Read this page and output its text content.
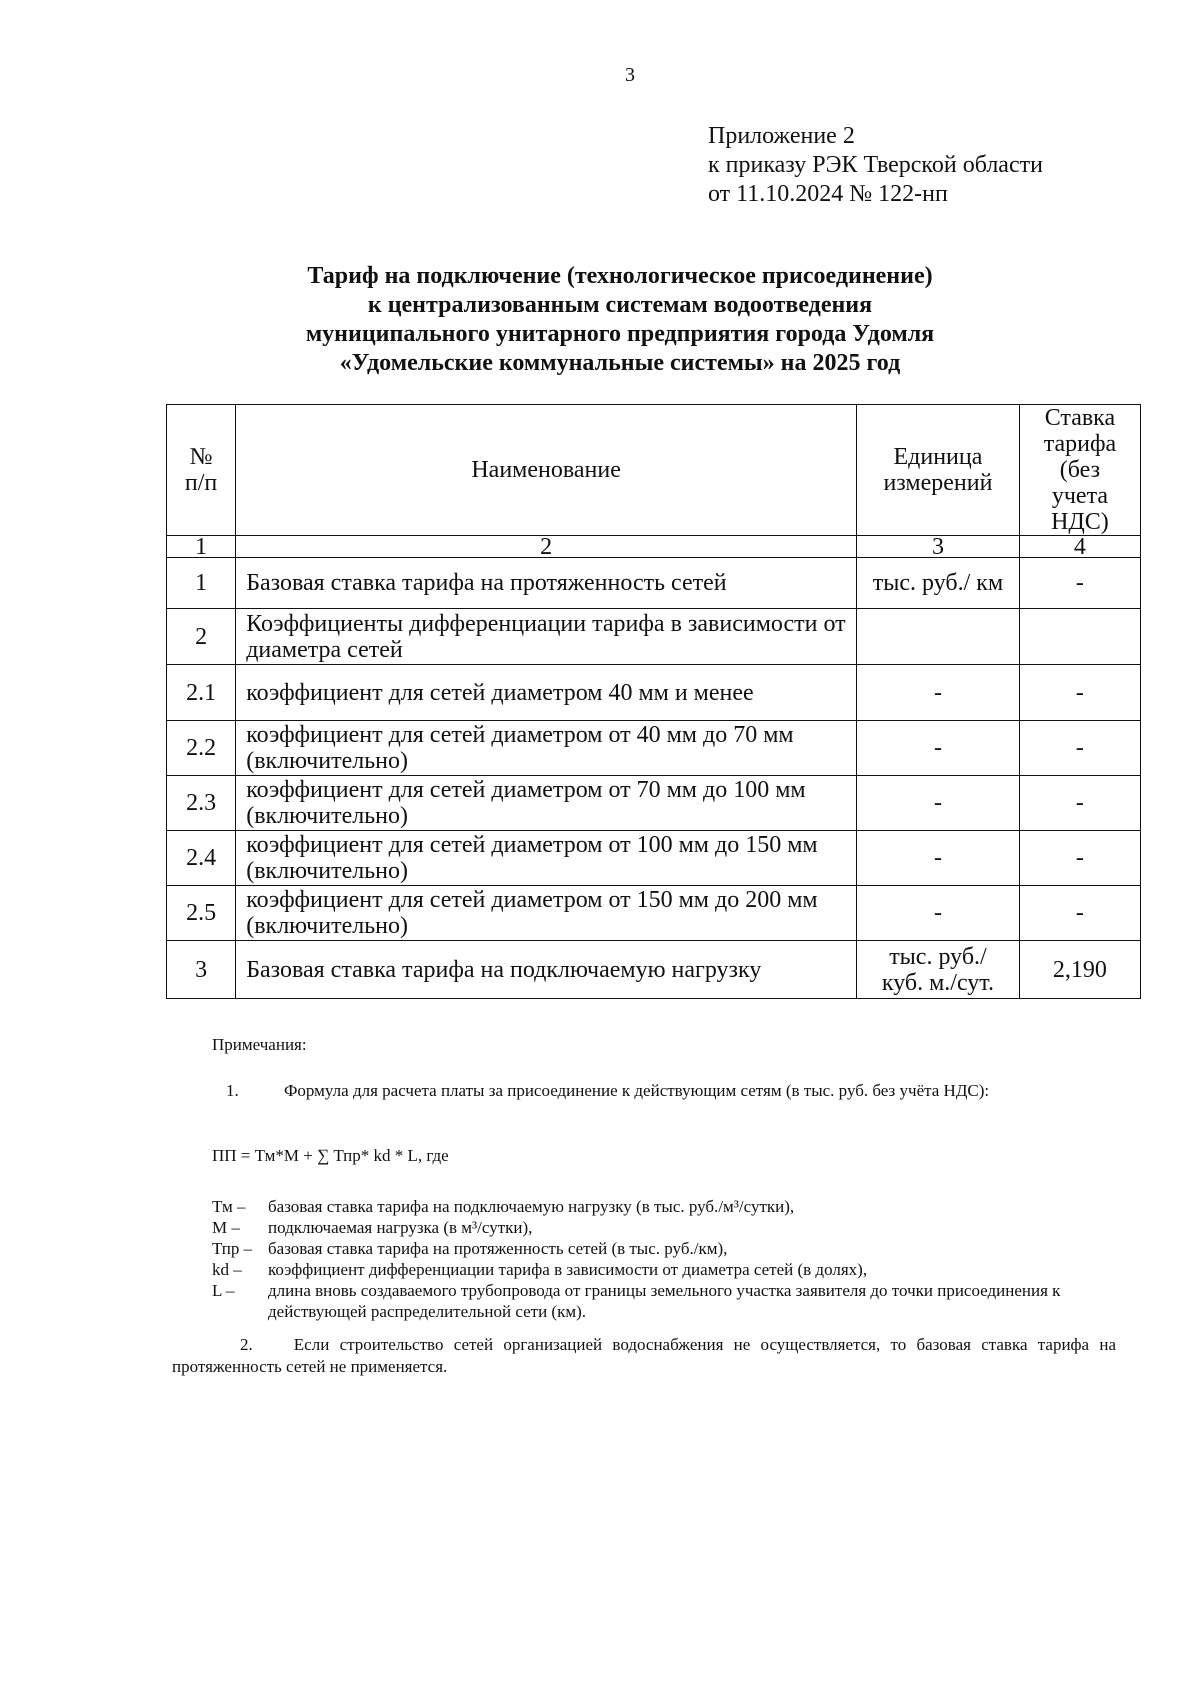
3
Приложение 2
к приказу РЭК Тверской области
от 11.10.2024 № 122-нп
Тариф на подключение (технологическое присоединение)
к централизованным системам водоотведения
муниципального унитарного предприятия города Удомля
«Удомельские коммунальные системы» на 2025 год
№ п/п	Наименование	Единица измерений	Ставка тарифа (без учета НДС)
1	2	3	4
1	Базовая ставка тарифа на протяженность сетей	тыс. руб./ км	-
2	Коэффициенты дифференциации тарифа в зависимости от диаметра сетей		
2.1	коэффициент для сетей диаметром 40 мм и менее	-	-
2.2	коэффициент для сетей диаметром от 40 мм до 70 мм (включительно)	-	-
2.3	коэффициент для сетей диаметром от 70 мм до 100 мм (включительно)	-	-
2.4	коэффициент для сетей диаметром от 100 мм до 150 мм (включительно)	-	-
2.5	коэффициент для сетей диаметром от 150 мм до 200 мм (включительно)	-	-
3	Базовая ставка тарифа на подключаемую нагрузку	тыс. руб./ куб. м./сут.	2,190
Примечания:
1.	Формула для расчета платы за присоединение к действующим сетям (в тыс. руб. без учёта НДС):
ПП = Тм*М + ∑ Тпр* kd * L, где
Тм –	базовая ставка тарифа на подключаемую нагрузку (в тыс. руб./м³/сутки),
М –	подключаемая нагрузка (в м³/сутки),
Тпр – базовая ставка тарифа на протяженность сетей (в тыс. руб./км),
kd –	коэффициент дифференциации тарифа в зависимости от диаметра сетей (в долях),
L –	длина вновь создаваемого трубопровода от границы земельного участка заявителя до точки присоединения к действующей распределительной сети (км).
2. Если строительство сетей организацией водоснабжения не осуществляется, то базовая ставка тарифа на протяженность сетей не применяется.
